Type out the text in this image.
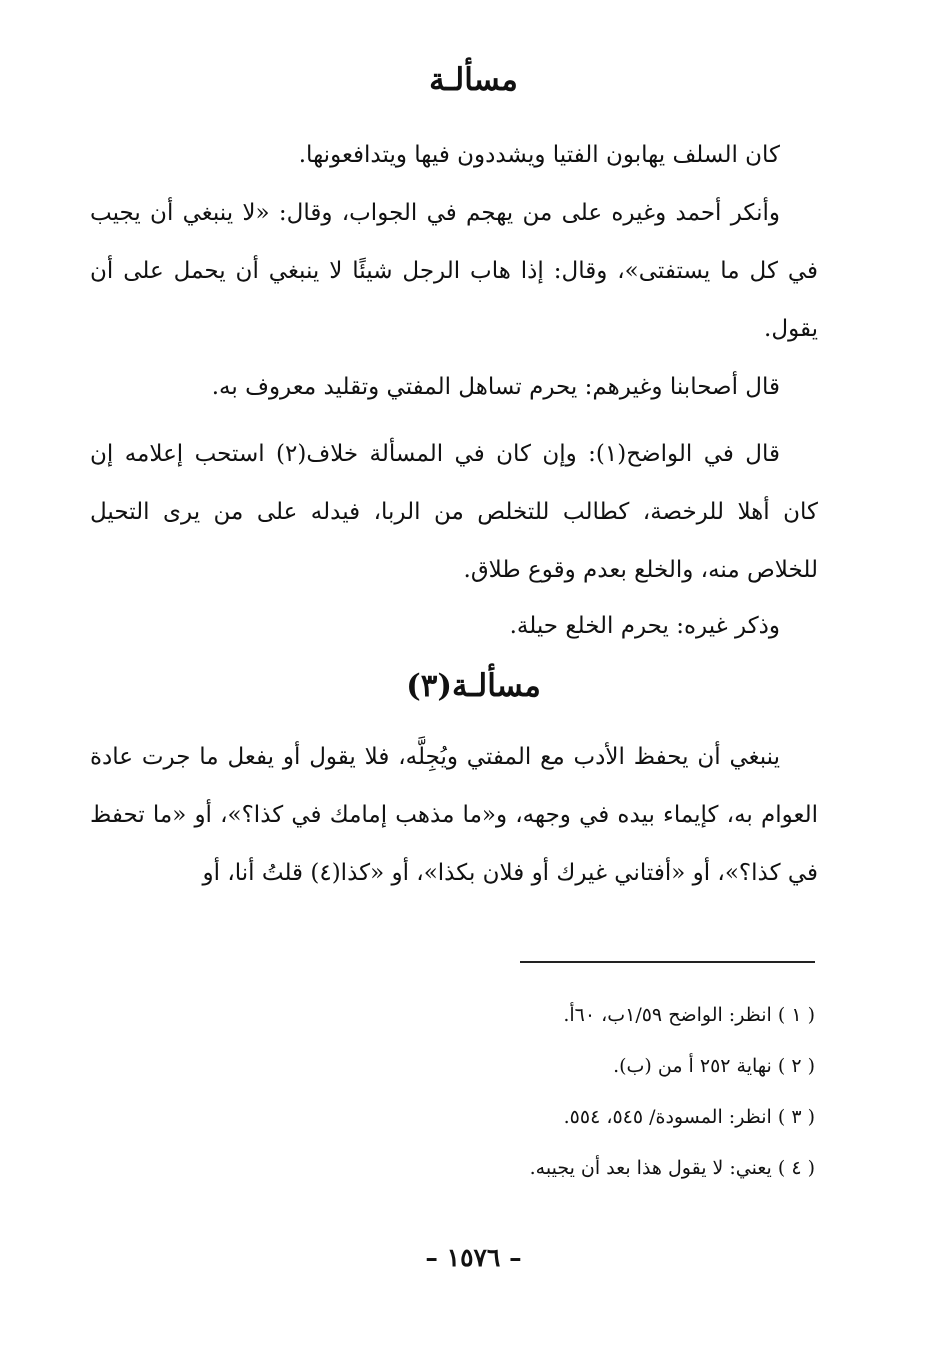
مسألـة
كان السلف يهابون الفتيا ويشددون فيها ويتدافعونها.
وأنكر أحمد وغيره على من يهجم في الجواب، وقال: «لا ينبغي أن يجيب في كل ما يستفتى»، وقال: إذا هاب الرجل شيئًا لا ينبغي أن يحمل على أن يقول.
قال أصحابنا وغيرهم: يحرم تساهل المفتي وتقليد معروف به.
قال في الواضح(١): وإن كان في المسألة خلاف(٢) استحب إعلامه إن كان أهلا للرخصة، كطالب للتخلص من الربا، فيدله على من يرى التحيل للخلاص منه، والخلع بعدم وقوع طلاق.
وذكر غيره: يحرم الخلع حيلة.
مسألـة(٣)
ينبغي أن يحفظ الأدب مع المفتي ويُجِلَّه، فلا يقول أو يفعل ما جرت عادة العوام به، كإيماء بيده في وجهه، و«ما مذهب إمامك في كذا؟»، أو «ما تحفظ في كذا؟»، أو «أفتاني غيرك أو فلان بكذا»، أو «كذا(٤) قلتُ أنا، أو
( ١ ) انظر: الواضح ١/٥٩ب، ٦٠أ.
( ٢ ) نهاية ٢٥٢ أ من (ب).
( ٣ ) انظر: المسودة/ ٥٤٥، ٥٥٤.
( ٤ ) يعني: لا يقول هذا بعد أن يجيبه.
– ١٥٧٦ –
